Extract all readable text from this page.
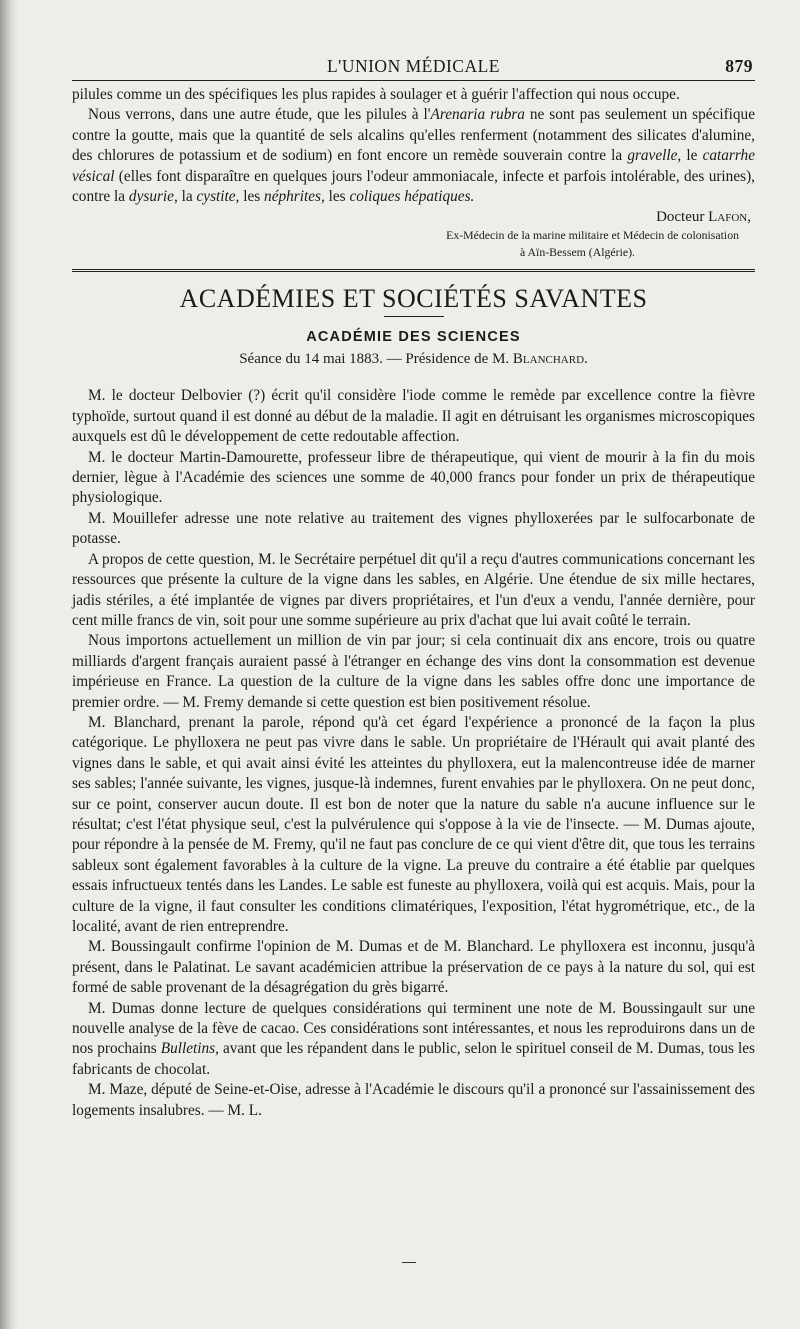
L'UNION MÉDICALE	879

pilules comme un des spécifiques les plus rapides à soulager et à guérir l'affection qui nous occupe.

Nous verrons, dans une autre étude, que les pilules à l'Arenaria rubra ne sont pas seulement un spécifique contre la goutte, mais que la quantité de sels alcalins qu'elles renferment (notamment des silicates d'alumine, des chlorures de potassium et de sodium) en font encore un remède souverain contre la gravelle, le catarrhe vésical (elles font disparaître en quelques jours l'odeur ammoniacale, infecte et parfois intolérable, des urines), contre la dysurie, la cystite, les néphrites, les coliques hépatiques.

Docteur Lafon,
Ex-Médecin de la marine militaire et Médecin de colonisation
à Aïn-Bessem (Algérie).
ACADÉMIES ET SOCIÉTÉS SAVANTES
ACADÉMIE DES SCIENCES
Séance du 14 mai 1883. — Présidence de M. Blanchard.

M. le docteur Delbovier (?) écrit qu'il considère l'iode comme le remède par excellence contre la fièvre typhoïde, surtout quand il est donné au début de la maladie. Il agit en détruisant les organismes microscopiques auxquels est dû le développement de cette redoutable affection.

M. le docteur Martin-Damourette, professeur libre de thérapeutique, qui vient de mourir à la fin du mois dernier, lègue à l'Académie des sciences une somme de 40,000 francs pour fonder un prix de thérapeutique physiologique.

M. Mouillefer adresse une note relative au traitement des vignes phylloxerées par le sulfocarbonate de potasse.

A propos de cette question, M. le Secrétaire perpétuel dit qu'il a reçu d'autres communications concernant les ressources que présente la culture de la vigne dans les sables, en Algérie. Une étendue de six mille hectares, jadis stériles, a été implantée de vignes par divers propriétaires, et l'un d'eux a vendu, l'année dernière, pour cent mille francs de vin, soit pour une somme supérieure au prix d'achat que lui avait coûté le terrain.

Nous importons actuellement un million de vin par jour; si cela continuait dix ans encore, trois ou quatre milliards d'argent français auraient passé à l'étranger en échange des vins dont la consommation est devenue impérieuse en France. La question de la culture de la vigne dans les sables offre donc une importance de premier ordre. — M. Fremy demande si cette question est bien positivement résolue.

M. Blanchard, prenant la parole, répond qu'à cet égard l'expérience a prononcé de la façon la plus catégorique. Le phylloxera ne peut pas vivre dans le sable. Un propriétaire de l'Hérault qui avait planté des vignes dans le sable, et qui avait ainsi évité les atteintes du phylloxera, eut la malencontreuse idée de marner ses sables; l'année suivante, les vignes, jusque-là indemnes, furent envahies par le phylloxera. On ne peut donc, sur ce point, conserver aucun doute. Il est bon de noter que la nature du sable n'a aucune influence sur le résultat; c'est l'état physique seul, c'est la pulvérulence qui s'oppose à la vie de l'insecte. — M. Dumas ajoute, pour répondre à la pensée de M. Fremy, qu'il ne faut pas conclure de ce qui vient d'être dit, que tous les terrains sableux sont également favorables à la culture de la vigne. La preuve du contraire a été établie par quelques essais infructueux tentés dans les Landes. Le sable est funeste au phylloxera, voilà qui est acquis. Mais, pour la culture de la vigne, il faut consulter les conditions climatériques, l'exposition, l'état hygrométrique, etc., de la localité, avant de rien entreprendre.

M. Boussingault confirme l'opinion de M. Dumas et de M. Blanchard. Le phylloxera est inconnu, jusqu'à présent, dans le Palatinat. Le savant académicien attribue la préservation de ce pays à la nature du sol, qui est formé de sable provenant de la désagrégation du grès bigarré.

M. Dumas donne lecture de quelques considérations qui terminent une note de M. Boussingault sur une nouvelle analyse de la fève de cacao. Ces considérations sont intéressantes, et nous les reproduirons dans un de nos prochains Bulletins, avant que les répandent dans le public, selon le spirituel conseil de M. Dumas, tous les fabricants de chocolat.

M. Maze, député de Seine-et-Oise, adresse à l'Académie le discours qu'il a prononcé sur l'assainissement des logements insalubres. — M. L.
